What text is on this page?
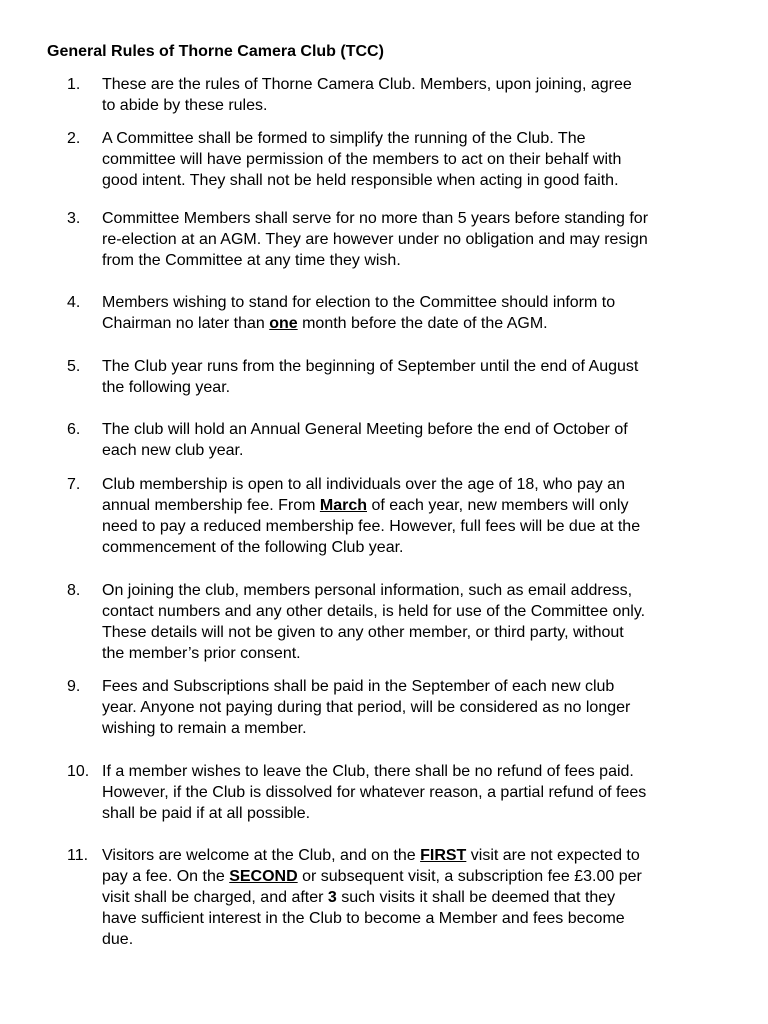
General Rules of Thorne Camera Club (TCC)
1.	These are the rules of Thorne Camera Club. Members, upon joining, agree
to abide by these rules.
2.	A Committee shall be formed to simplify the running of the Club. The
committee will have permission of the members to act on their behalf with
good intent. They shall not be held responsible when acting in good faith.
3.	Committee Members shall serve for no more than 5 years before standing for
re-election at an AGM. They are however under no obligation and may resign
from the Committee at any time they wish.
4.	Members wishing to stand for election to the Committee should inform to
Chairman no later than one month before the date of the AGM.
5.	The Club year runs from the beginning of September until the end of August
the following year.
6.	The club will hold an Annual General Meeting before the end of October of
each new club year.
7.	Club membership is open to all individuals over the age of 18, who pay an
annual membership fee. From March of each year, new members will only
need to pay a reduced membership fee. However, full fees will be due at the
commencement of the following Club year.
8.	On joining the club, members personal information, such as email address,
contact numbers and any other details, is held for use of the Committee only.
These details will not be given to any other member, or third party, without
the member’s prior consent.
9.	Fees and Subscriptions shall be paid in the September of each new club
year. Anyone not paying during that period, will be considered as no longer
wishing to remain a member.
10. If a member wishes to leave the Club, there shall be no refund of fees paid.
However, if the Club is dissolved for whatever reason, a partial refund of fees
shall be paid if at all possible.
11. Visitors are welcome at the Club, and on the FIRST visit are not expected to
pay a fee. On the SECOND or subsequent visit, a subscription fee £3.00 per
visit shall be charged, and after 3 such visits it shall be deemed that they
have sufficient interest in the Club to become a Member and fees become
due.
